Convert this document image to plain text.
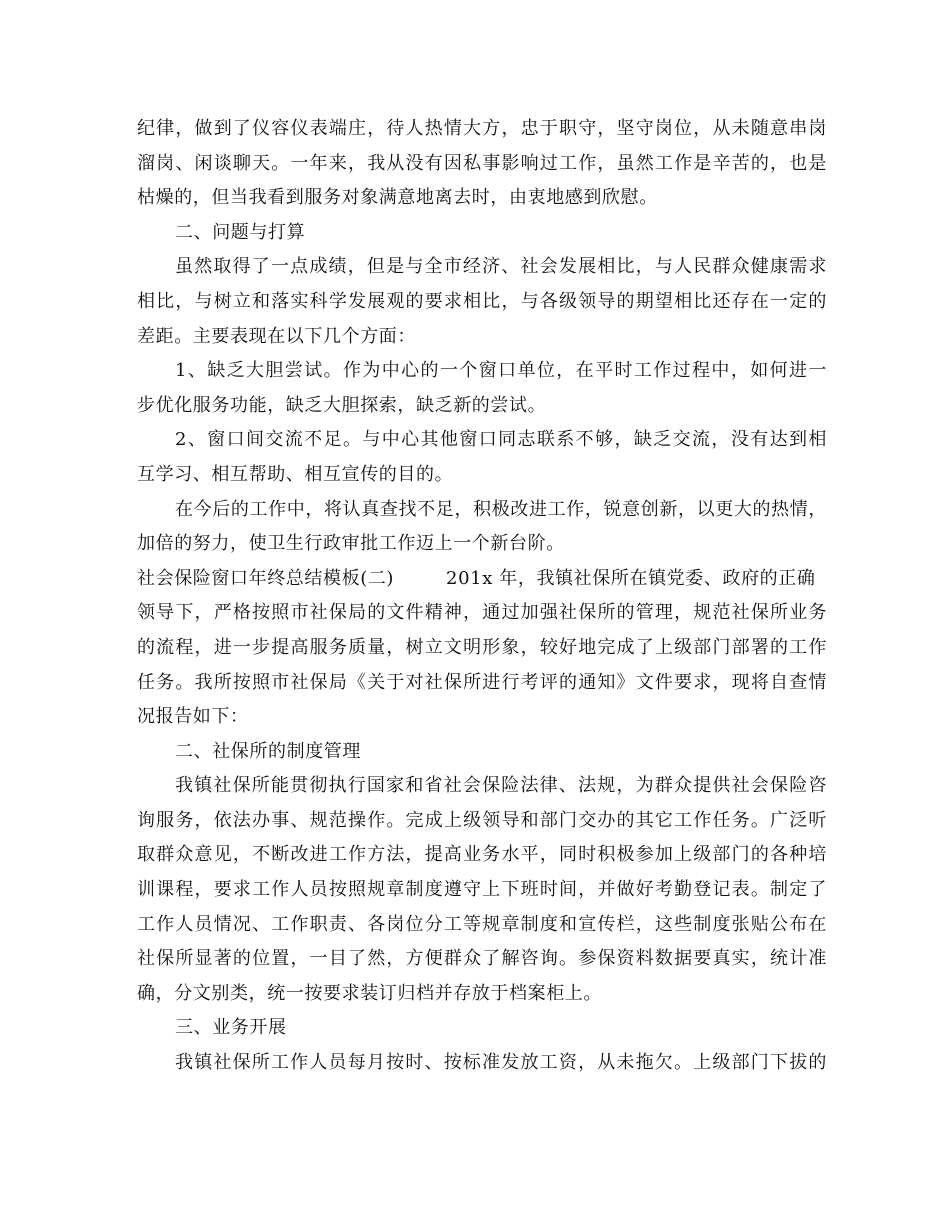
纪律，做到了仪容仪表端庄，待人热情大方，忠于职守，坚守岗位，从未随意串岗
溜岗、闲谈聊天。一年来，我从没有因私事影响过工作，虽然工作是辛苦的，也是
枯燥的，但当我看到服务对象满意地离去时，由衷地感到欣慰。
二、问题与打算
虽然取得了一点成绩，但是与全市经济、社会发展相比，与人民群众健康需求
相比，与树立和落实科学发展观的要求相比，与各级领导的期望相比还存在一定的
差距。主要表现在以下几个方面：
1、缺乏大胆尝试。作为中心的一个窗口单位，在平时工作过程中，如何进一
步优化服务功能，缺乏大胆探索，缺乏新的尝试。
2、窗口间交流不足。与中心其他窗口同志联系不够，缺乏交流，没有达到相
互学习、相互帮助、相互宣传的目的。
在今后的工作中，将认真查找不足，积极改进工作，锐意创新，以更大的热情，
加倍的努力，使卫生行政审批工作迈上一个新台阶。
社会保险窗口年终总结模板(二)	201x 年，我镇社保所在镇党委、政府的正确
领导下，严格按照市社保局的文件精神，通过加强社保所的管理，规范社保所业务
的流程，进一步提高服务质量，树立文明形象，较好地完成了上级部门部署的工作
任务。我所按照市社保局《关于对社保所进行考评的通知》文件要求，现将自查情
况报告如下：
二、社保所的制度管理
我镇社保所能贯彻执行国家和省社会保险法律、法规，为群众提供社会保险咨
询服务，依法办事、规范操作。完成上级领导和部门交办的其它工作任务。广泛听
取群众意见，不断改进工作方法，提高业务水平，同时积极参加上级部门的各种培
训课程，要求工作人员按照规章制度遵守上下班时间，并做好考勤登记表。制定了
工作人员情况、工作职责、各岗位分工等规章制度和宣传栏，这些制度张贴公布在
社保所显著的位置，一目了然，方便群众了解咨询。参保资料数据要真实，统计准
确，分文别类，统一按要求装订归档并存放于档案柜上。
三、业务开展
我镇社保所工作人员每月按时、按标准发放工资，从未拖欠。上级部门下拔的
